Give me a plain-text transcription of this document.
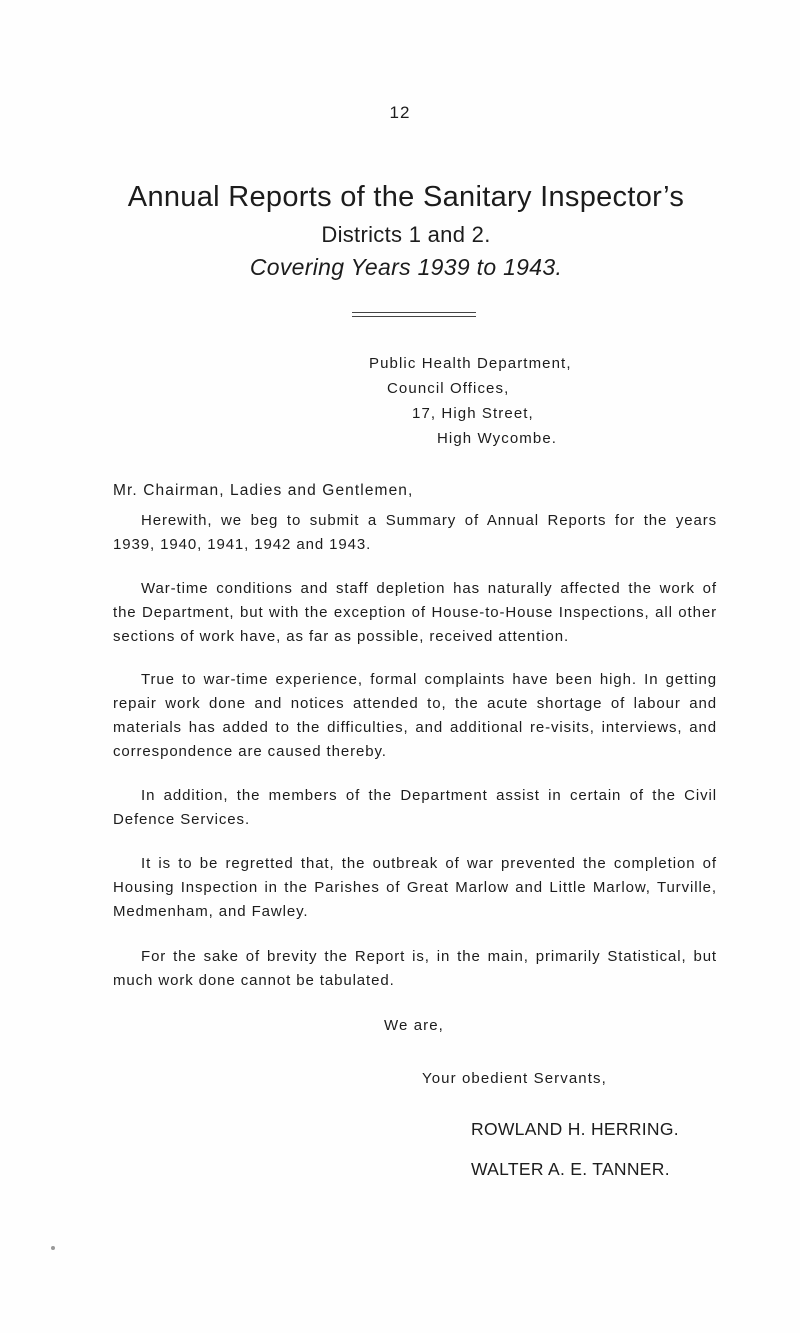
12
Annual Reports of the Sanitary Inspector’s
Districts 1 and 2.
Covering Years 1939 to 1943.
Public Health Department,
Council Offices,
17, High Street,
High Wycombe.
Mr. Chairman, Ladies and Gentlemen,

Herewith, we beg to submit a Summary of Annual Reports for the years 1939, 1940, 1941, 1942 and 1943.

War-time conditions and staff depletion has naturally affected the work of the Department, but with the exception of House-to-House Inspections, all other sections of work have, as far as possible, received attention.

True to war-time experience, formal complaints have been high. In getting repair work done and notices attended to, the acute shortage of labour and materials has added to the difficulties, and additional re-visits, interviews, and correspondence are caused thereby.

In addition, the members of the Department assist in certain of the Civil Defence Services.

It is to be regretted that, the outbreak of war prevented the completion of Housing Inspection in the Parishes of Great Marlow and Little Marlow, Turville, Medmenham, and Fawley.

For the sake of brevity the Report is, in the main, primarily Statistical, but much work done cannot be tabulated.

We are,
Your obedient Servants,
ROWLAND H. HERRING.
WALTER A. E. TANNER.
